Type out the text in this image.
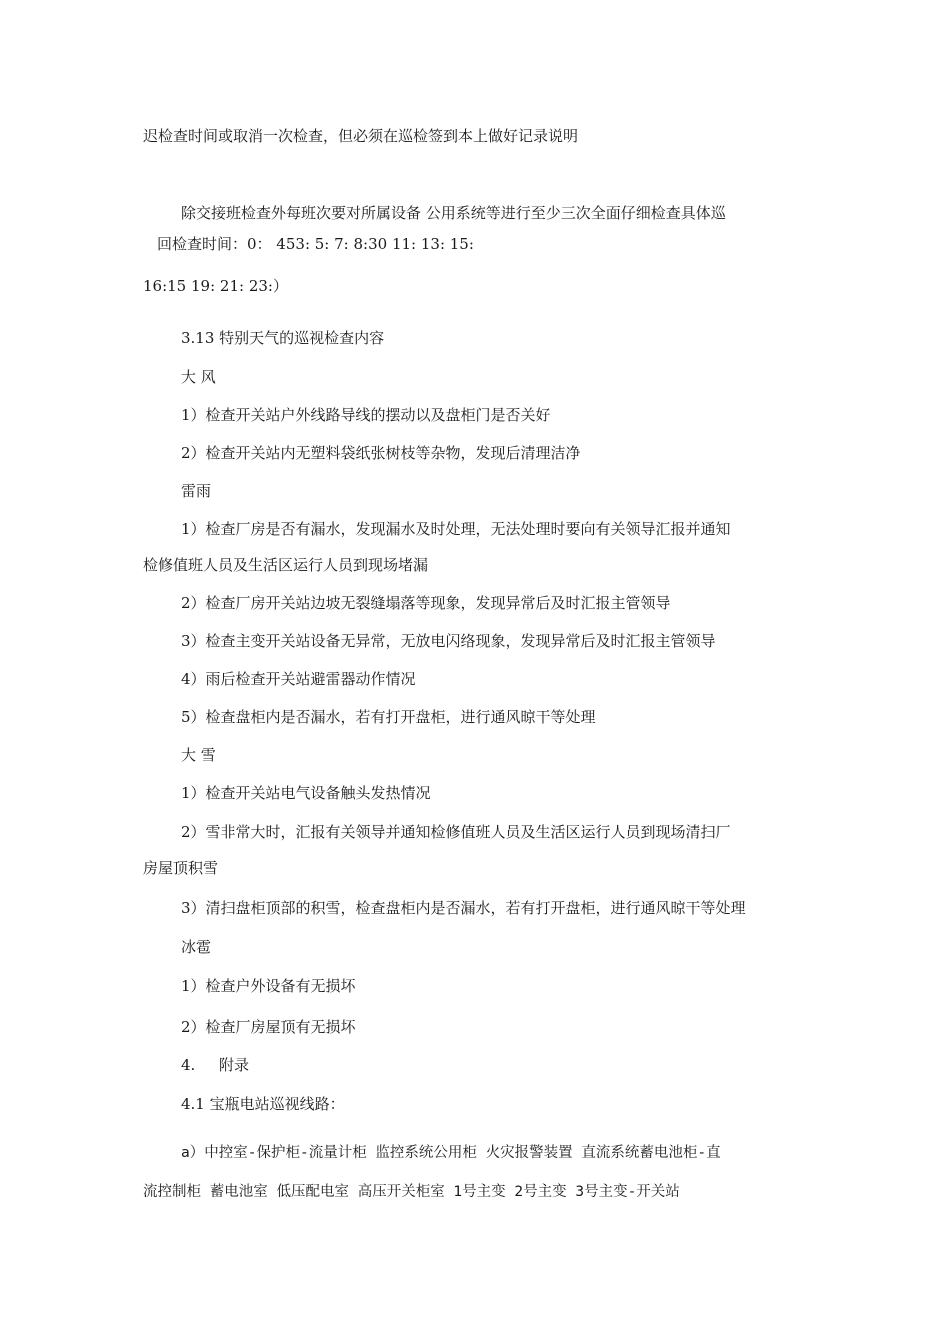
迟检查时间或取消一次检查，但必须在巡检签到本上做好记录说明
除交接班检查外每班次要对所属设备 公用系统等进行至少三次全面仔细检查具体巡
回检查时间：0： 453: 5: 7: 8:30 11: 13: 15:
16:15 19: 21: 23:）
3.13 特别天气的巡视检查内容
大 风
1）检查开关站户外线路导线的摆动以及盘柜门是否关好
2）检查开关站内无塑料袋纸张树枝等杂物，发现后清理洁净
雷雨
1）检查厂房是否有漏水，发现漏水及时处理，无法处理时要向有关领导汇报并通知
检修值班人员及生活区运行人员到现场堵漏
2）检查厂房开关站边坡无裂缝塌落等现象，发现异常后及时汇报主管领导
3）检查主变开关站设备无异常，无放电闪络现象，发现异常后及时汇报主管领导
4）雨后检查开关站避雷器动作情况
5）检查盘柜内是否漏水，若有打开盘柜，进行通风晾干等处理
大 雪
1）检查开关站电气设备触头发热情况
2）雪非常大时，汇报有关领导并通知检修值班人员及生活区运行人员到现场清扫厂
房屋顶积雪
3）清扫盘柜顶部的积雪，检查盘柜内是否漏水，若有打开盘柜，进行通风晾干等处理
冰雹
1）检查户外设备有无损坏
2）检查厂房屋顶有无损坏
4. 附录
4.1 宝瓶电站巡视线路：
a）中控室-保护柜-流量计柜 监控系统公用柜 火灾报警装置 直流系统蓄电池柜-直
流控制柜 蓄电池室 低压配电室 高压开关柜室 1号主变 2号主变 3号主变-开关站
